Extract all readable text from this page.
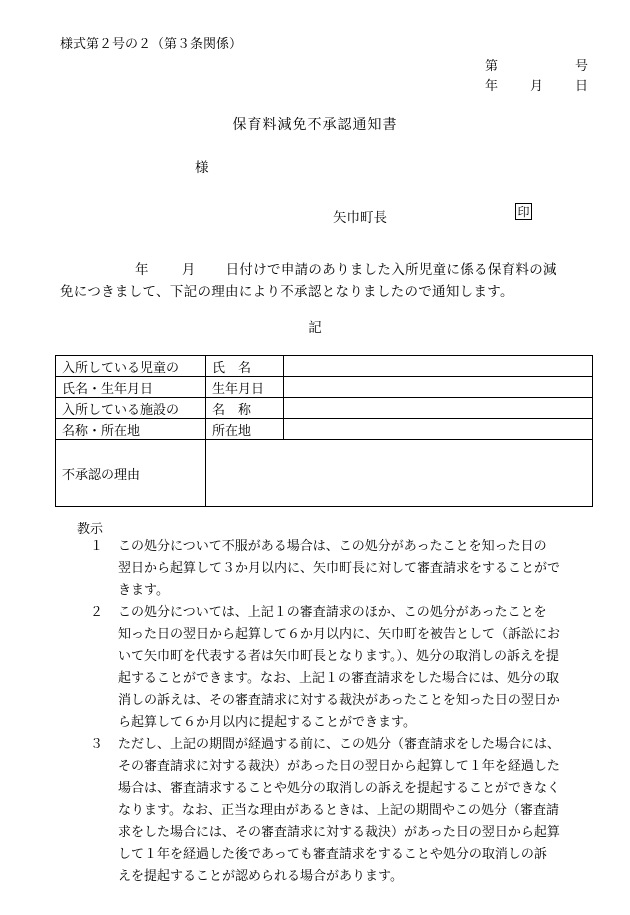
様式第２号の２（第３条関係）
第	号
年 月 日
保育料減免不承認通知書
様
矢巾町長	印
年 月 日付けで申請のありました入所児童に係る保育料の減
免につきまして、下記の理由により不承認となりましたので通知します。
記
入所している児童の	氏　名	
氏名・生年月日	生年月日	
入所している施設の	名　称	
名称・所在地	所在地	
不承認の理由		
教示
１	この処分について不服がある場合は、この処分があったことを知った日の
翌日から起算して３か月以内に、矢巾町長に対して審査請求をすることがで
きます。
２	この処分については、上記１の審査請求のほか、この処分があったことを
知った日の翌日から起算して６か月以内に、矢巾町を被告として（訴訟にお
いて矢巾町を代表する者は矢巾町長となります。）、処分の取消しの訴えを提
起することができます。なお、上記１の審査請求をした場合には、処分の取
消しの訴えは、その審査請求に対する裁決があったことを知った日の翌日か
ら起算して６か月以内に提起することができます。
３	ただし、上記の期間が経過する前に、この処分（審査請求をした場合には、
その審査請求に対する裁決）があった日の翌日から起算して１年を経過した
場合は、審査請求することや処分の取消しの訴えを提起することができなく
なります。なお、正当な理由があるときは、上記の期間やこの処分（審査請
求をした場合には、その審査請求に対する裁決）があった日の翌日から起算
して１年を経過した後であっても審査請求をすることや処分の取消しの訴
えを提起することが認められる場合があります。
